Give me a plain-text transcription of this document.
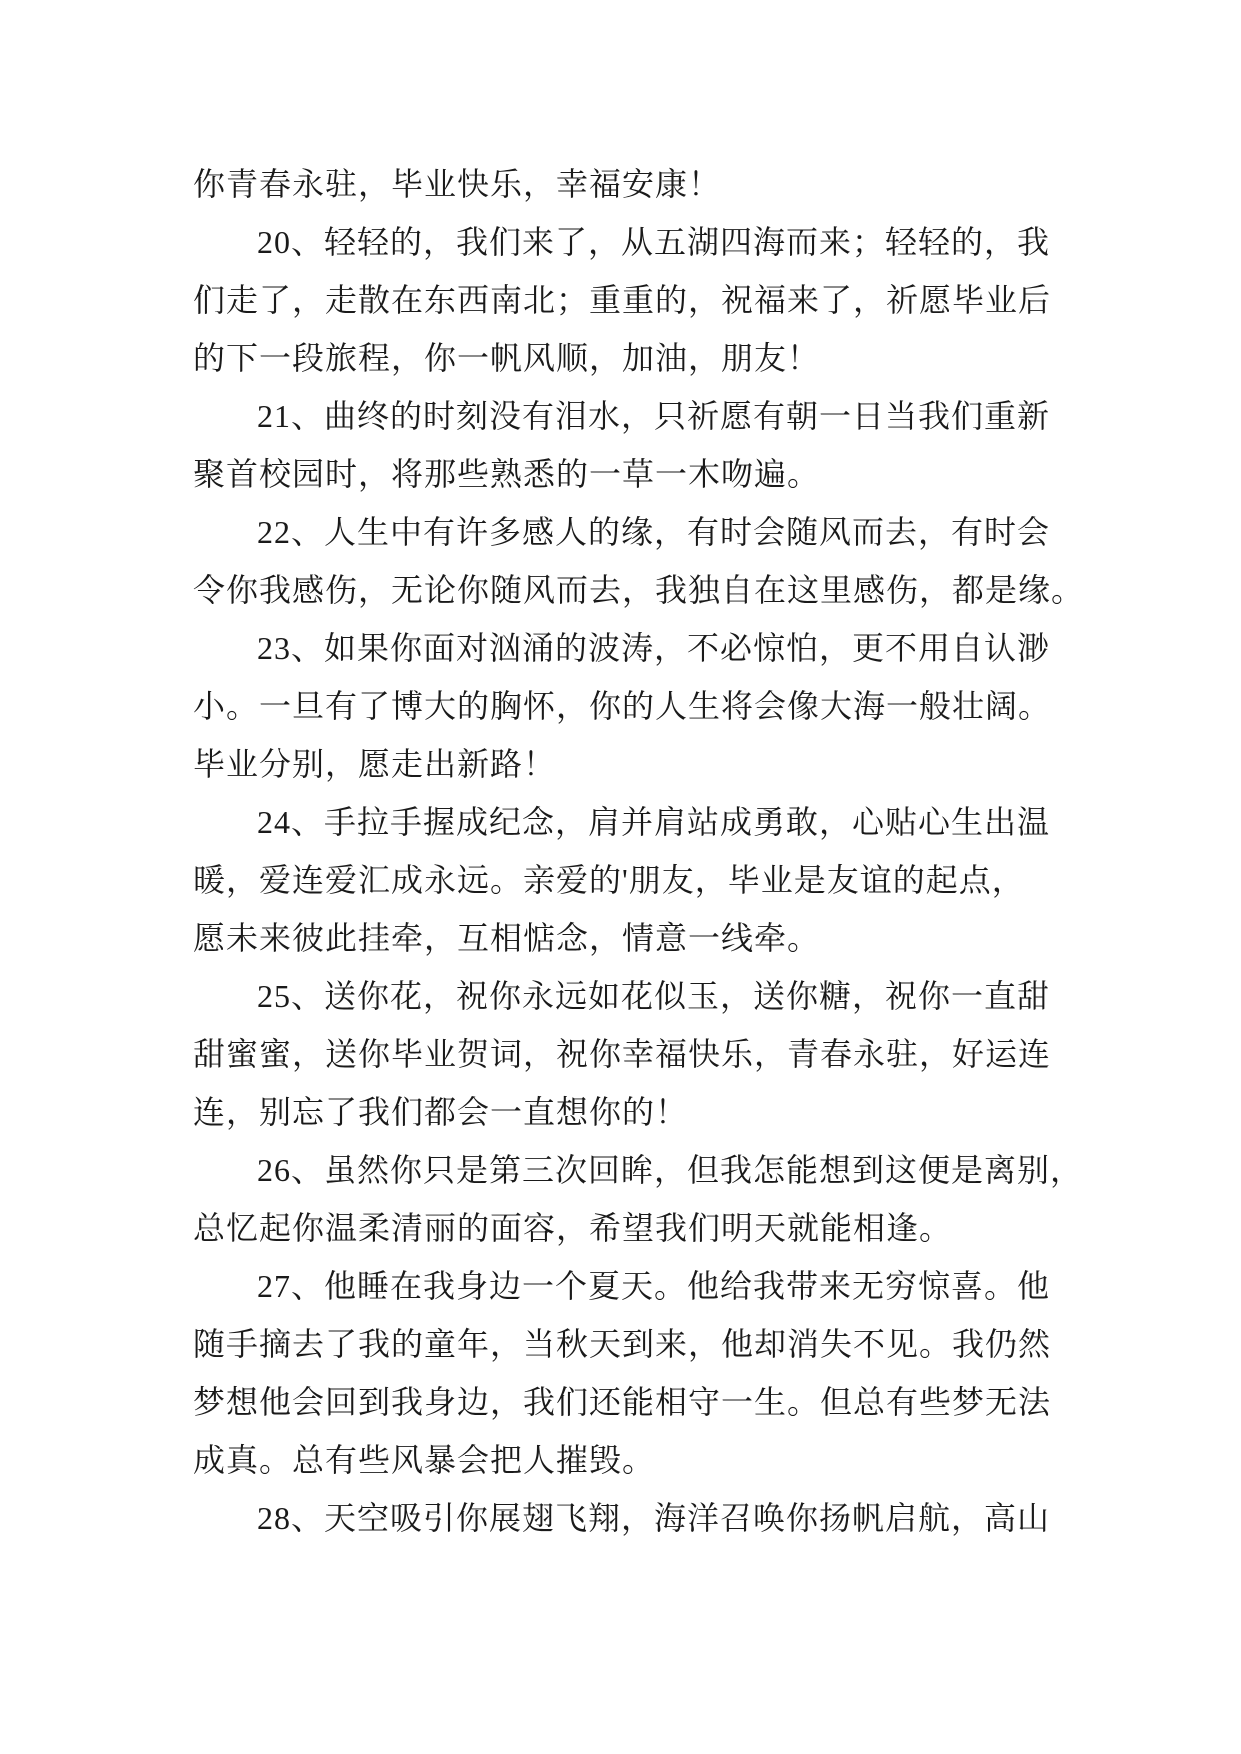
你青春永驻，毕业快乐，幸福安康！
20、轻轻的，我们来了，从五湖四海而来；轻轻的，我
们走了，走散在东西南北；重重的，祝福来了，祈愿毕业后
的下一段旅程，你一帆风顺，加油，朋友！
21、曲终的时刻没有泪水，只祈愿有朝一日当我们重新
聚首校园时，将那些熟悉的一草一木吻遍。
22、人生中有许多感人的缘，有时会随风而去，有时会
令你我感伤，无论你随风而去，我独自在这里感伤，都是缘。
23、如果你面对汹涌的波涛，不必惊怕，更不用自认渺
小。一旦有了博大的胸怀，你的人生将会像大海一般壮阔。
毕业分别，愿走出新路！
24、手拉手握成纪念，肩并肩站成勇敢，心贴心生出温
暖，爱连爱汇成永远。亲爱的'朋友，毕业是友谊的起点，
愿未来彼此挂牵，互相惦念，情意一线牵。
25、送你花，祝你永远如花似玉，送你糖，祝你一直甜
甜蜜蜜，送你毕业贺词，祝你幸福快乐，青春永驻，好运连
连，别忘了我们都会一直想你的！
26、虽然你只是第三次回眸，但我怎能想到这便是离别，
总忆起你温柔清丽的面容，希望我们明天就能相逢。
27、他睡在我身边一个夏天。他给我带来无穷惊喜。他
随手摘去了我的童年，当秋天到来，他却消失不见。我仍然
梦想他会回到我身边，我们还能相守一生。但总有些梦无法
成真。总有些风暴会把人摧毁。
28、天空吸引你展翅飞翔，海洋召唤你扬帆启航，高山
